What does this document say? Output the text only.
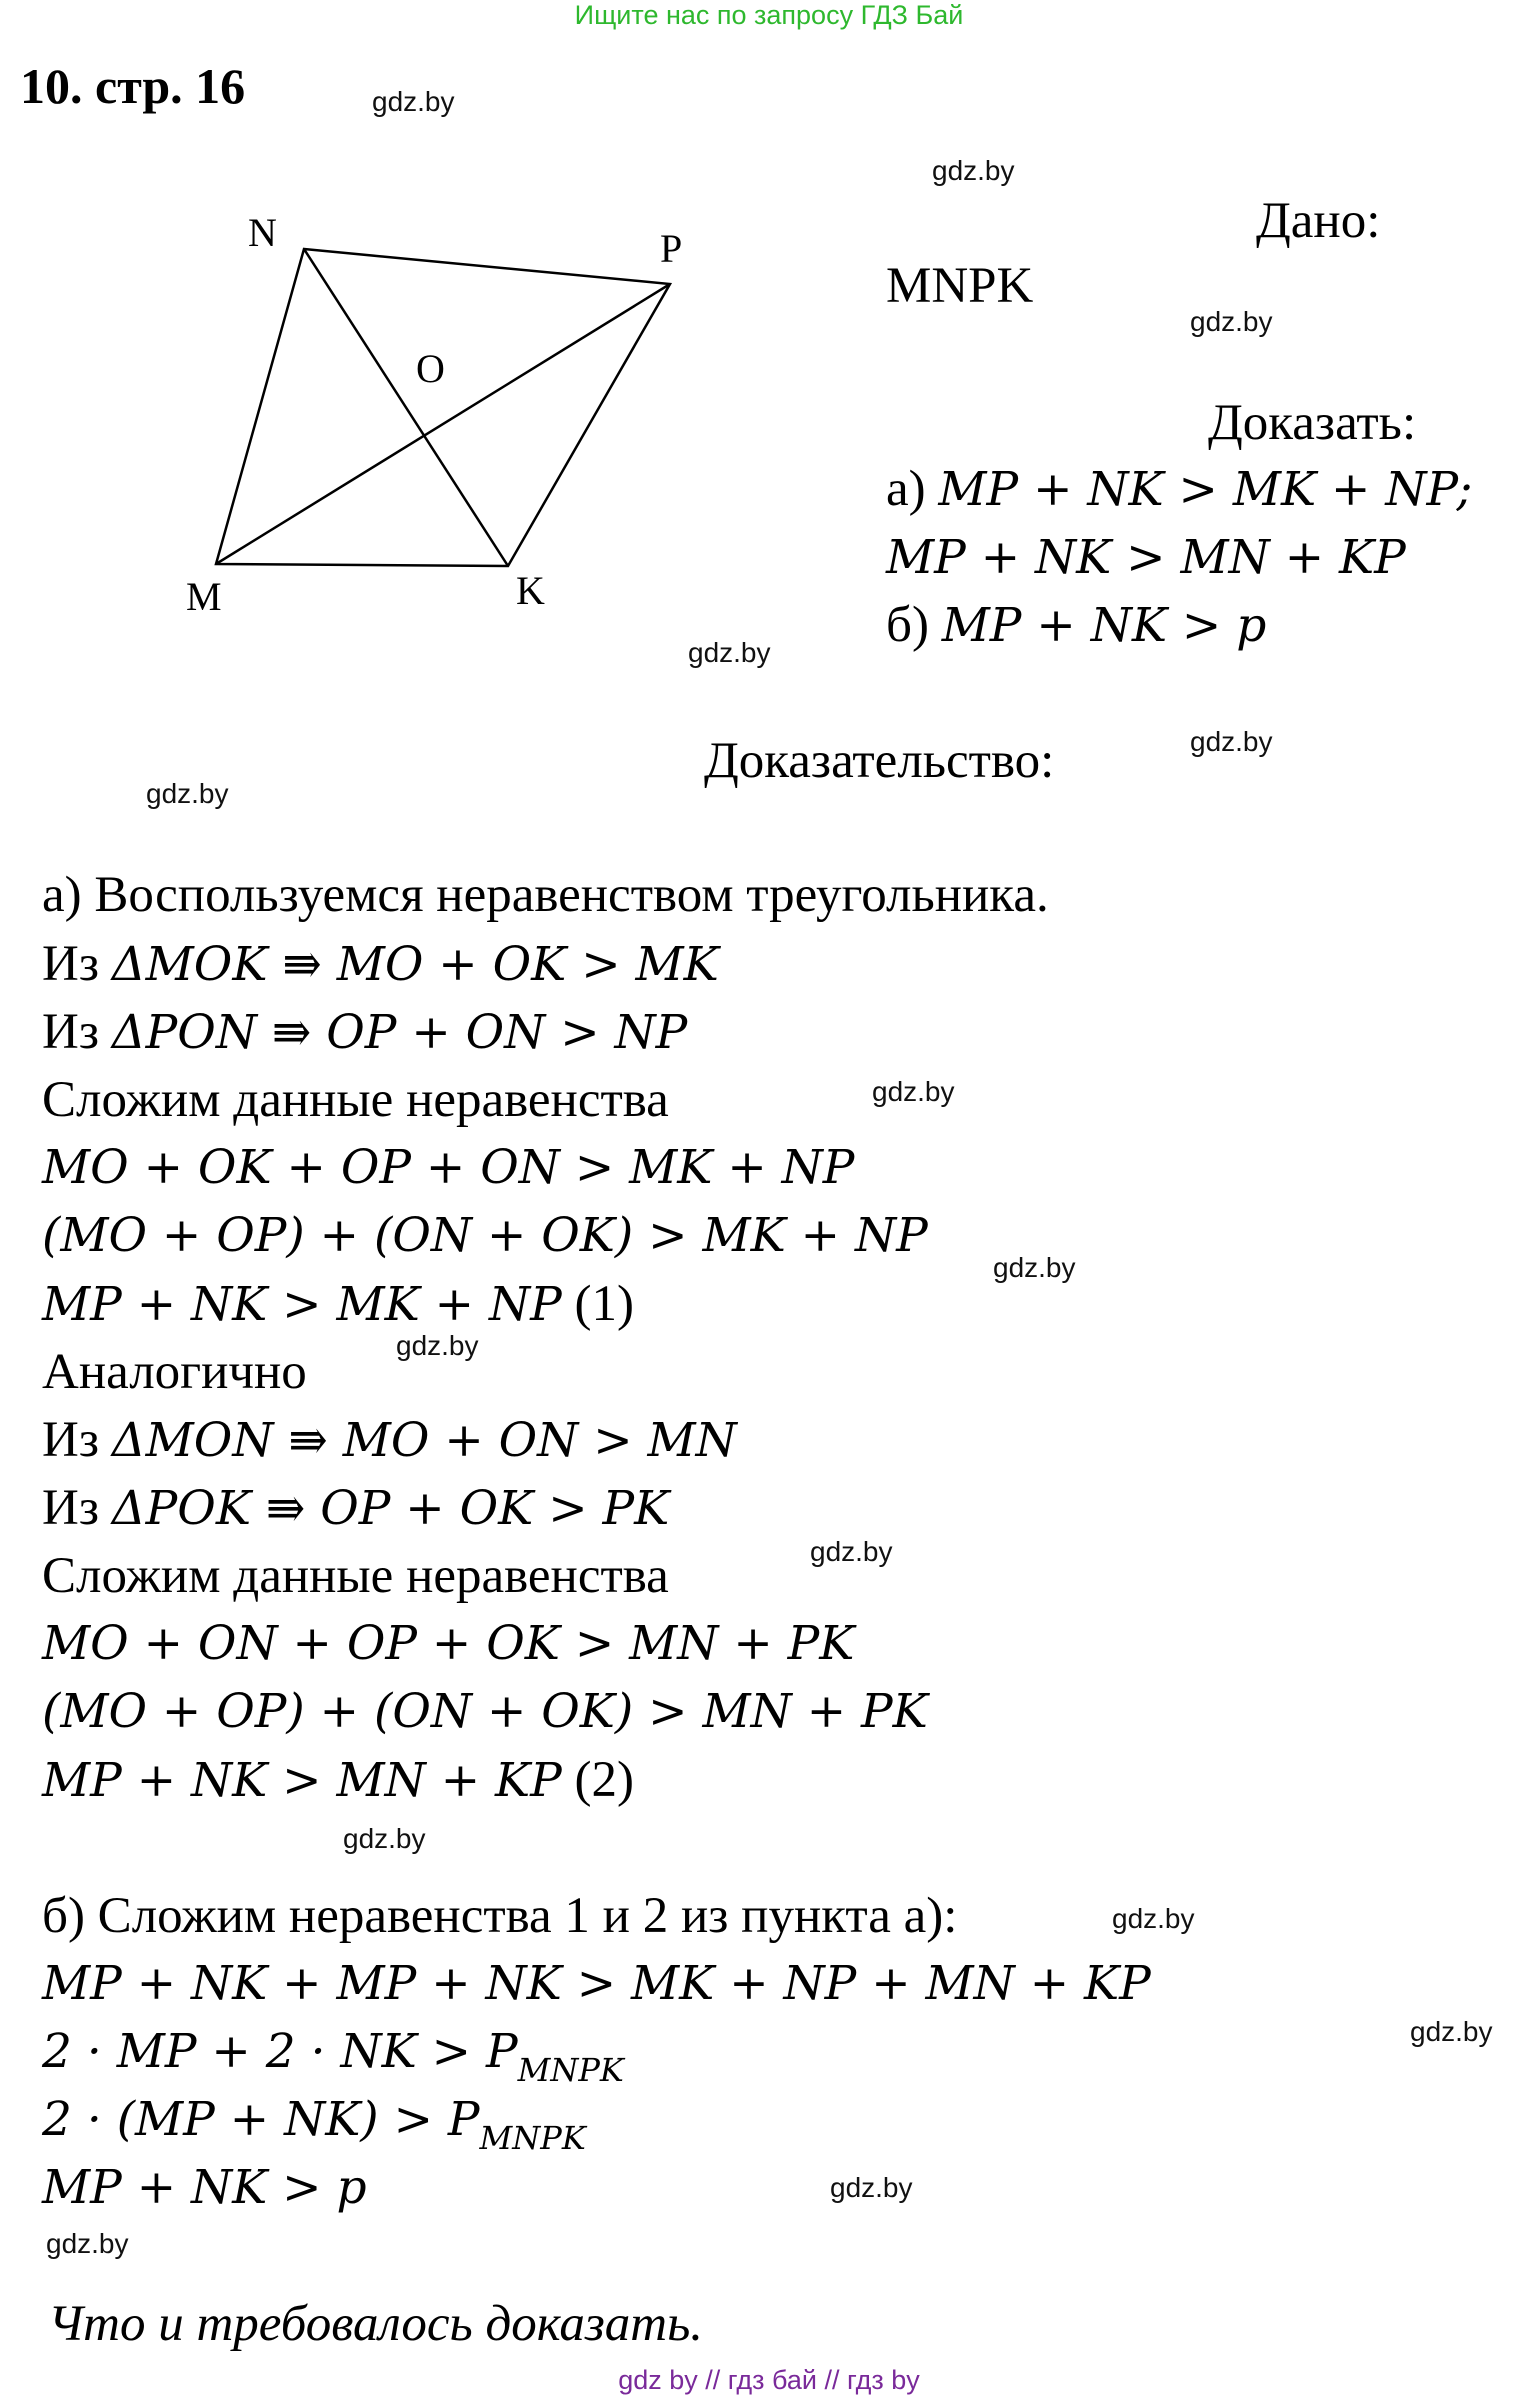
Ищите нас по запросу ГДЗ Бай
10. стр. 16	gdz.by
gdz.by
gdz.by
gdz.by
gdz.by
gdz.by
gdz.by
gdz.by
gdz.by
gdz.by
gdz.by
gdz.by
gdz.by
gdz.by
gdz.by
N	P
O
M	K
Дано:
MNPK
Доказать:
а) MP + NK > MK + NP;
MP + NK > MN + KP
б) MP + NK > p
Доказательство:
а) Воспользуемся неравенством треугольника.
Из ΔMOK ⇛ MO + OK > MK
Из ΔPON ⇛ OP + ON > NP
Сложим данные неравенства
MO + OK + OP + ON > MK + NP
(MO + OP) + (ON + OK) > MK + NP
MP + NK > MK + NP (1)
Аналогично
Из ΔMON ⇛ MO + ON > MN
Из ΔPOK ⇛ OP + OK > PK
Сложим данные неравенства
MO + ON + OP + OK > MN + PK
(MO + OP) + (ON + OK) > MN + PK
MP + NK > MN + KP (2)
б) Сложим неравенства 1 и 2 из пункта а):
MP + NK + MP + NK > MK + NP + MN + KP
2 · MP + 2 · NK > $P_{MNPK}$
$2 \cdot (MP + NK) > P_{MNPK}$
MP + NK > p
Что и требовалось доказать.
gdz by // гдз бай // гдз by
